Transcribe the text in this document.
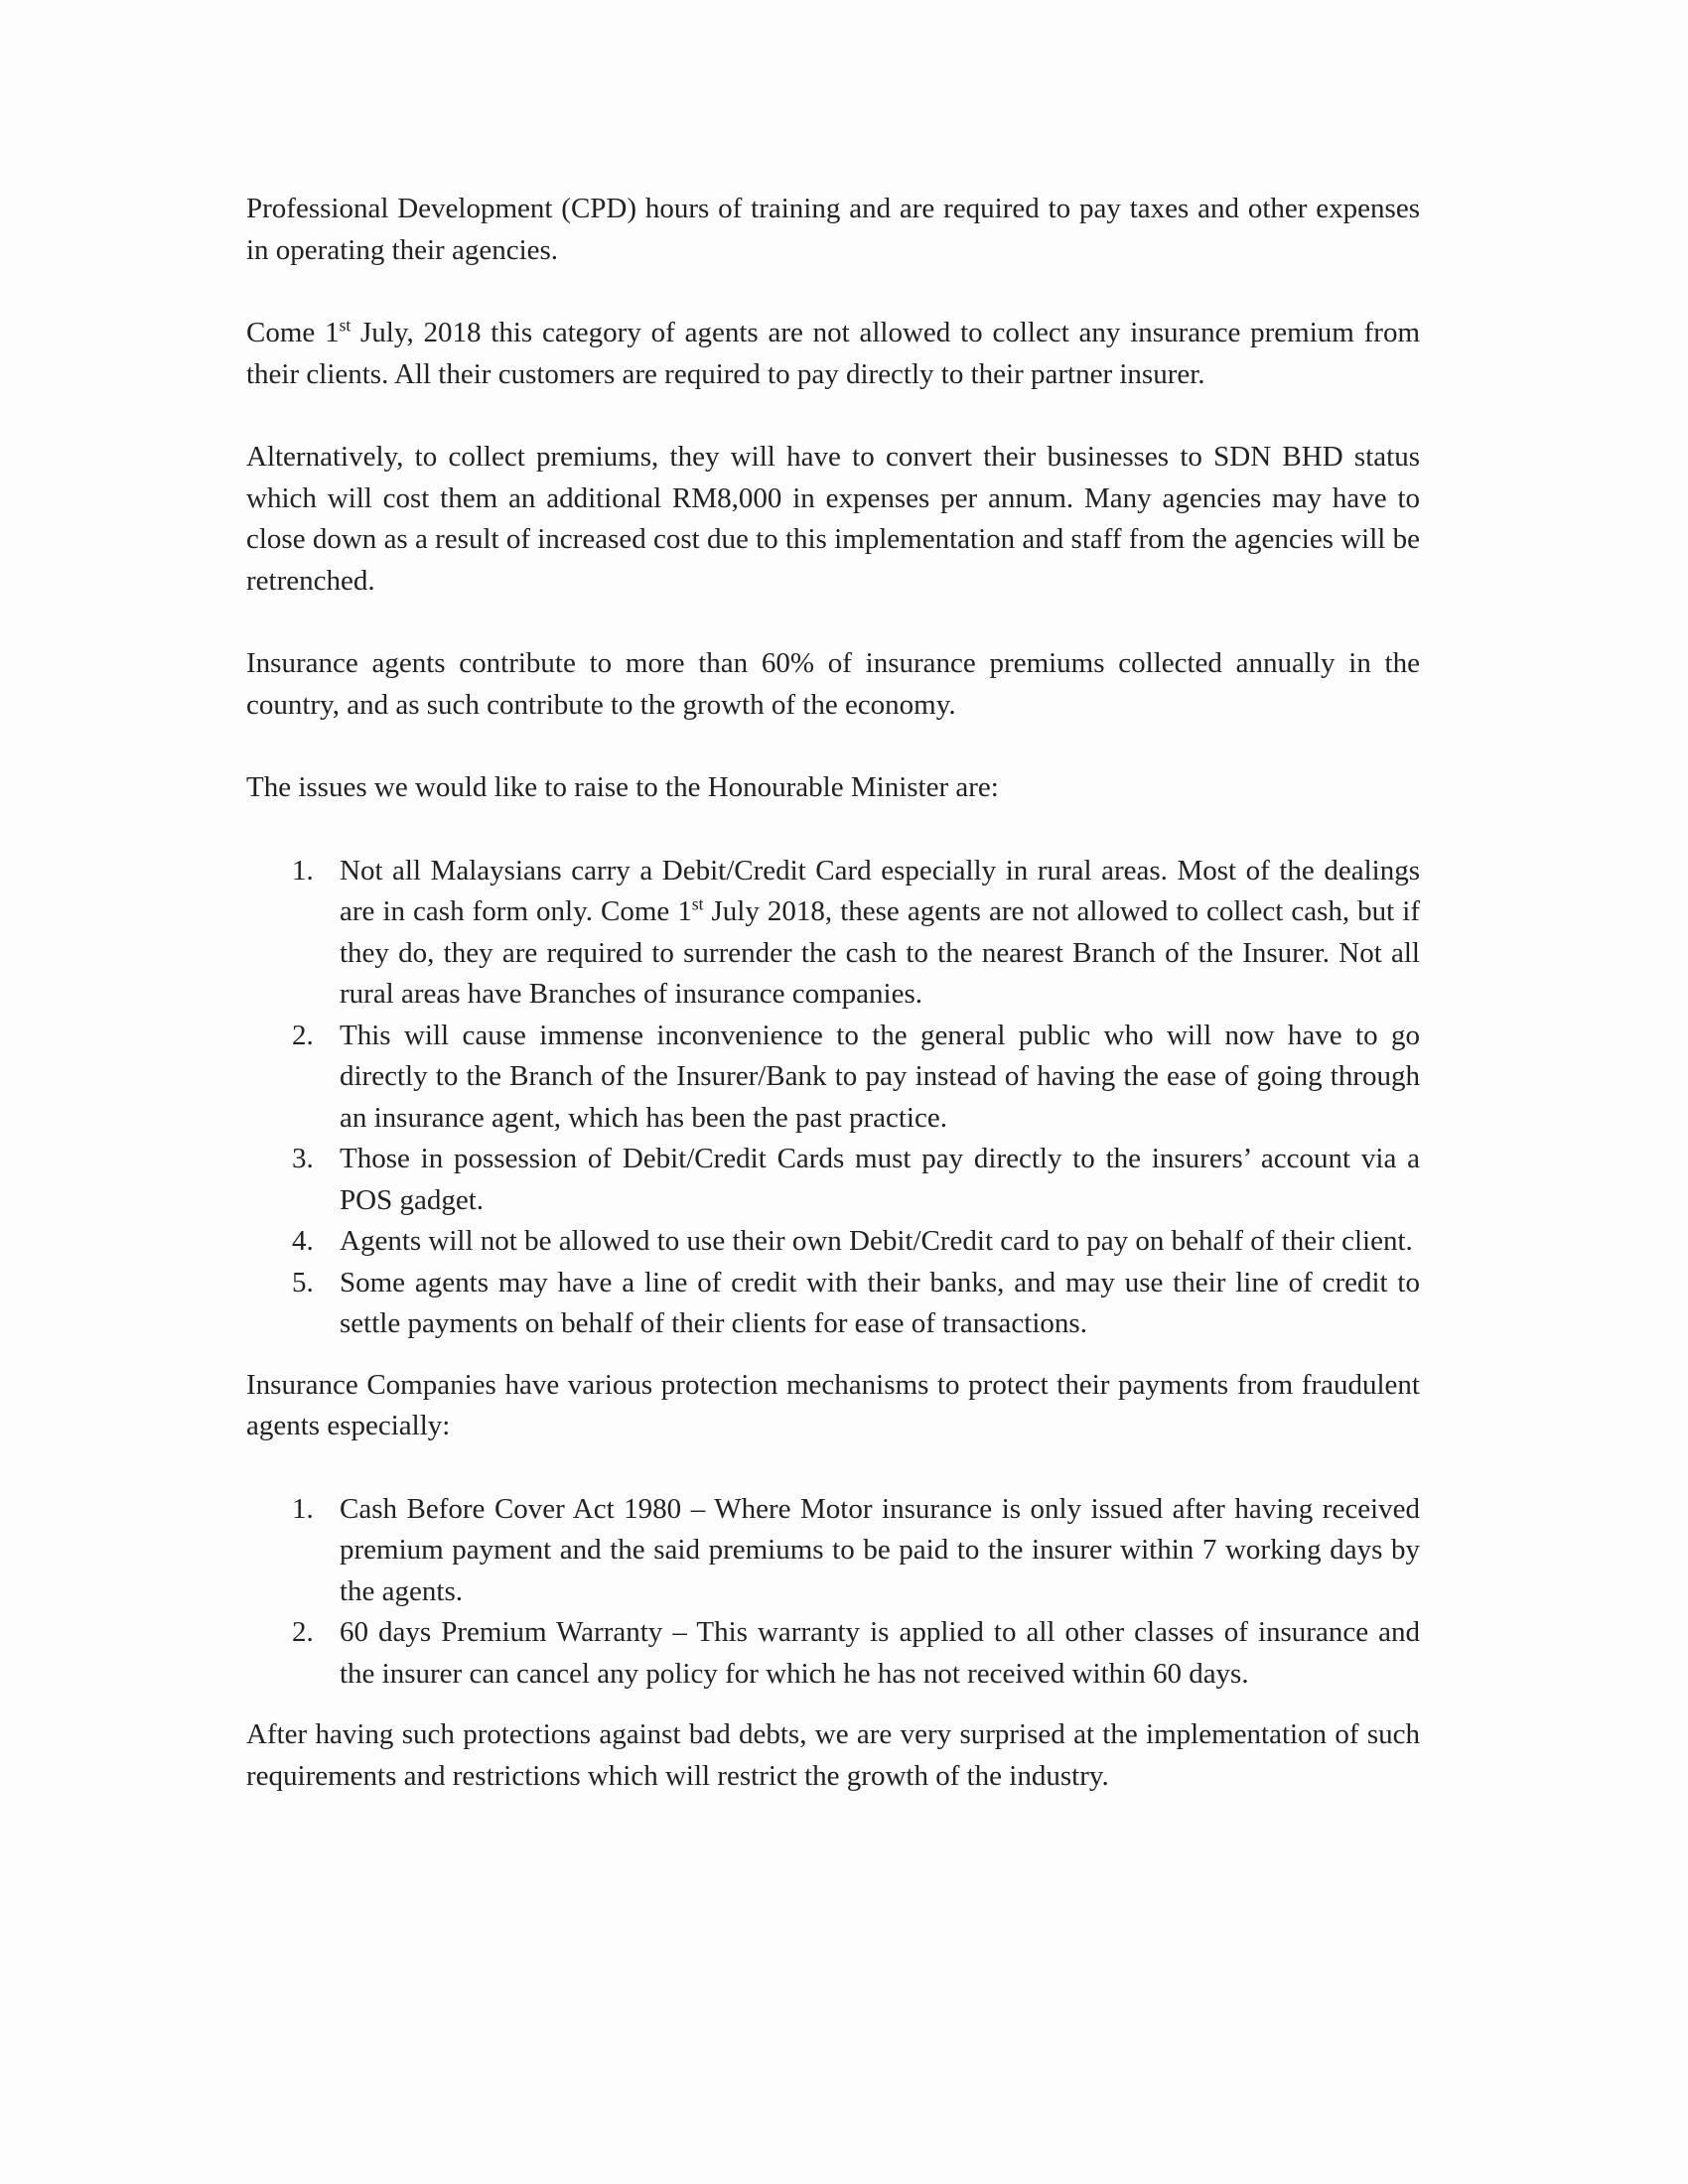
Professional Development (CPD) hours of training and are required to pay taxes and other expenses in operating their agencies.

Come 1st July, 2018 this category of agents are not allowed to collect any insurance premium from their clients. All their customers are required to pay directly to their partner insurer.

Alternatively, to collect premiums, they will have to convert their businesses to SDN BHD status which will cost them an additional RM8,000 in expenses per annum. Many agencies may have to close down as a result of increased cost due to this implementation and staff from the agencies will be retrenched.

Insurance agents contribute to more than 60% of insurance premiums collected annually in the country, and as such contribute to the growth of the economy.

The issues we would like to raise to the Honourable Minister are:

1. Not all Malaysians carry a Debit/Credit Card especially in rural areas. Most of the dealings are in cash form only. Come 1st July 2018, these agents are not allowed to collect cash, but if they do, they are required to surrender the cash to the nearest Branch of the Insurer. Not all rural areas have Branches of insurance companies.
2. This will cause immense inconvenience to the general public who will now have to go directly to the Branch of the Insurer/Bank to pay instead of having the ease of going through an insurance agent, which has been the past practice.
3. Those in possession of Debit/Credit Cards must pay directly to the insurers’ account via a POS gadget.
4. Agents will not be allowed to use their own Debit/Credit card to pay on behalf of their client.
5. Some agents may have a line of credit with their banks, and may use their line of credit to settle payments on behalf of their clients for ease of transactions.

Insurance Companies have various protection mechanisms to protect their payments from fraudulent agents especially:

1. Cash Before Cover Act 1980 – Where Motor insurance is only issued after having received premium payment and the said premiums to be paid to the insurer within 7 working days by the agents.
2. 60 days Premium Warranty – This warranty is applied to all other classes of insurance and the insurer can cancel any policy for which he has not received within 60 days.

After having such protections against bad debts, we are very surprised at the implementation of such requirements and restrictions which will restrict the growth of the industry.
